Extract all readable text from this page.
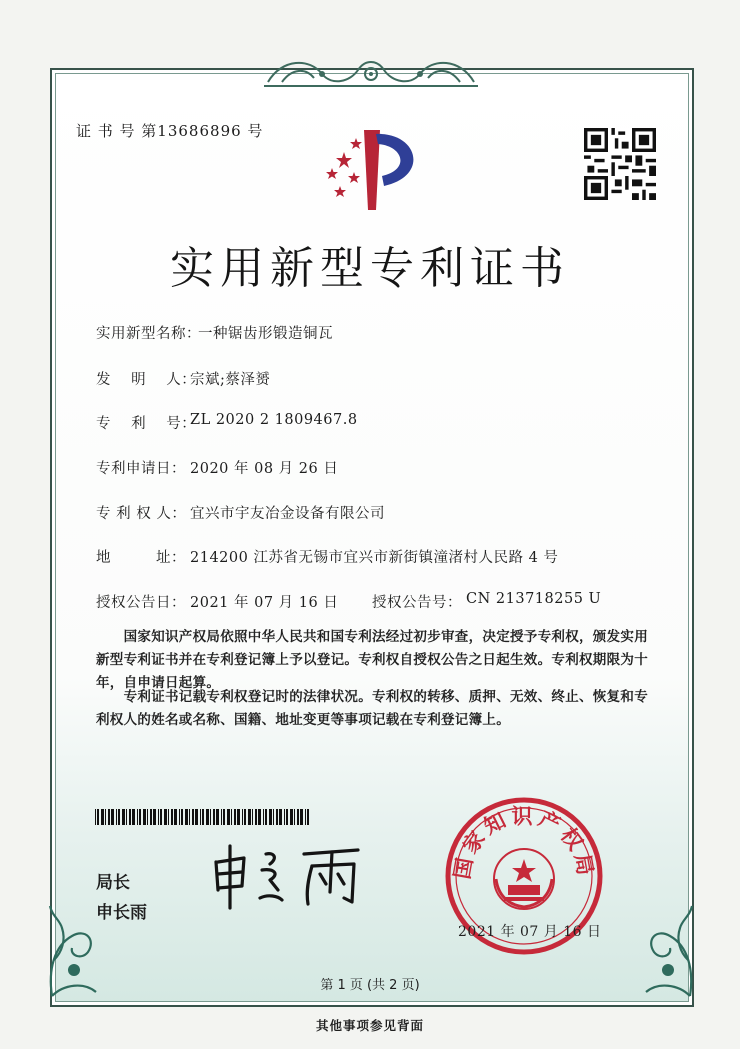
证 书 号 第13686896 号
实用新型专利证书
实用新型名称：
一种锯齿形锻造铜瓦
发　 明　 人：
宗斌;蔡泽赟
专　 利　 号：
ZL 2020 2 1809467.8
专利申请日： 2020 年 08 月 26 日
专 利 权 人： 宜兴市宇友冶金设备有限公司
地　　　址： 214200 江苏省无锡市宜兴市新街镇潼渚村人民路 4 号
授权公告日： 2021 年 07 月 16 日 授权公告号： CN 213718255 U
　　国家知识产权局依照中华人民共和国专利法经过初步审查，决定授予专利权，颁发实用新型专利证书并在专利登记簿上予以登记。专利权自授权公告之日起生效。专利权期限为十年，自申请日起算。
　　专利证书记载专利权登记时的法律状况。专利权的转移、质押、无效、终止、恢复和专利权人的姓名或名称、国籍、地址变更等事项记载在专利登记簿上。
局长
申长雨
国家知识产权局
2021 年 07 月 16 日
第 1 页 (共 2 页)
其他事项参见背面
